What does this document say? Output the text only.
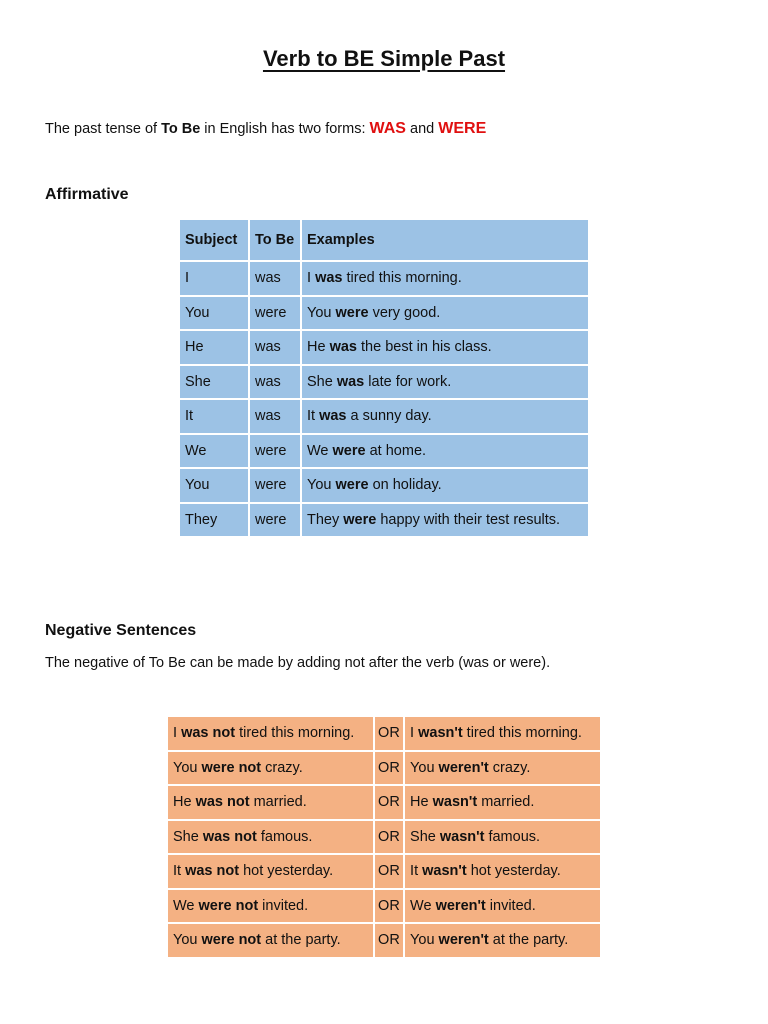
Verb to BE Simple Past
The past tense of To Be in English has two forms: WAS and WERE
Affirmative
Subject	To Be	Examples
I	was	I was tired this morning.
You	were	You were very good.
He	was	He was the best in his class.
She	was	She was late for work.
It	was	It was a sunny day.
We	were	We were at home.
You	were	You were on holiday.
They	were	They were happy with their test results.
Negative Sentences
The negative of To Be can be made by adding not after the verb (was or were).
I was not tired this morning.	OR	I wasn't tired this morning.
You were not crazy.	OR	You weren't crazy.
He was not married.	OR	He wasn't married.
She was not famous.	OR	She wasn't famous.
It was not hot yesterday.	OR	It wasn't hot yesterday.
We were not invited.	OR	We weren't invited.
You were not at the party.	OR	You weren't at the party.
